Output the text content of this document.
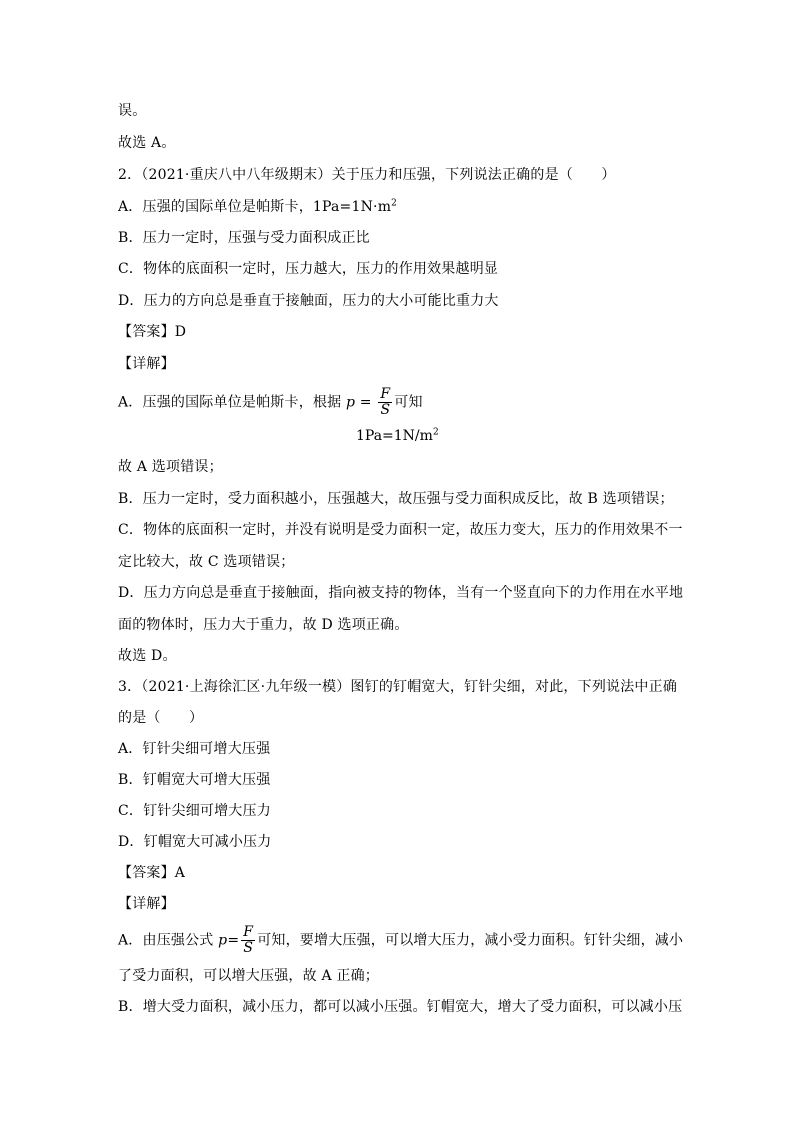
误。
故选 A。
2．（2021·重庆八中八年级期末）关于压力和压强，下列说法正确的是（　　）
A．压强的国际单位是帕斯卡，$1Pa=1N\cdot m^2$
B．压力一定时，压强与受力面积成正比
C．物体的底面积一定时，压力越大，压力的作用效果越明显
D．压力的方向总是垂直于接触面，压力的大小可能比重力大
【答案】D
【详解】
A．压强的国际单位是帕斯卡，根据 $p = \frac{F}{S}$ 可知
$1Pa=1N/m^2$
故 A 选项错误；
B．压力一定时，受力面积越小，压强越大，故压强与受力面积成反比，故 B 选项错误；
C．物体的底面积一定时，并没有说明是受力面积一定，故压力变大，压力的作用效果不一
定比较大，故 C 选项错误；
D．压力方向总是垂直于接触面，指向被支持的物体，当有一个竖直向下的力作用在水平地
面的物体时，压力大于重力，故 D 选项正确。
故选 D。
3．（2021·上海徐汇区·九年级一模）图钉的钉帽宽大，钉针尖细，对此，下列说法中正确
的是（　　）
A．钉针尖细可增大压强
B．钉帽宽大可增大压强
C．钉针尖细可增大压力
D．钉帽宽大可减小压力
【答案】A
【详解】
A．由压强公式 $p= \frac{F}{S}$ 可知，要增大压强，可以增大压力，减小受力面积。钉针尖细，减小
了受力面积，可以增大压强，故 A 正确；
B．增大受力面积，减小压力，都可以减小压强。钉帽宽大，增大了受力面积，可以减小压
